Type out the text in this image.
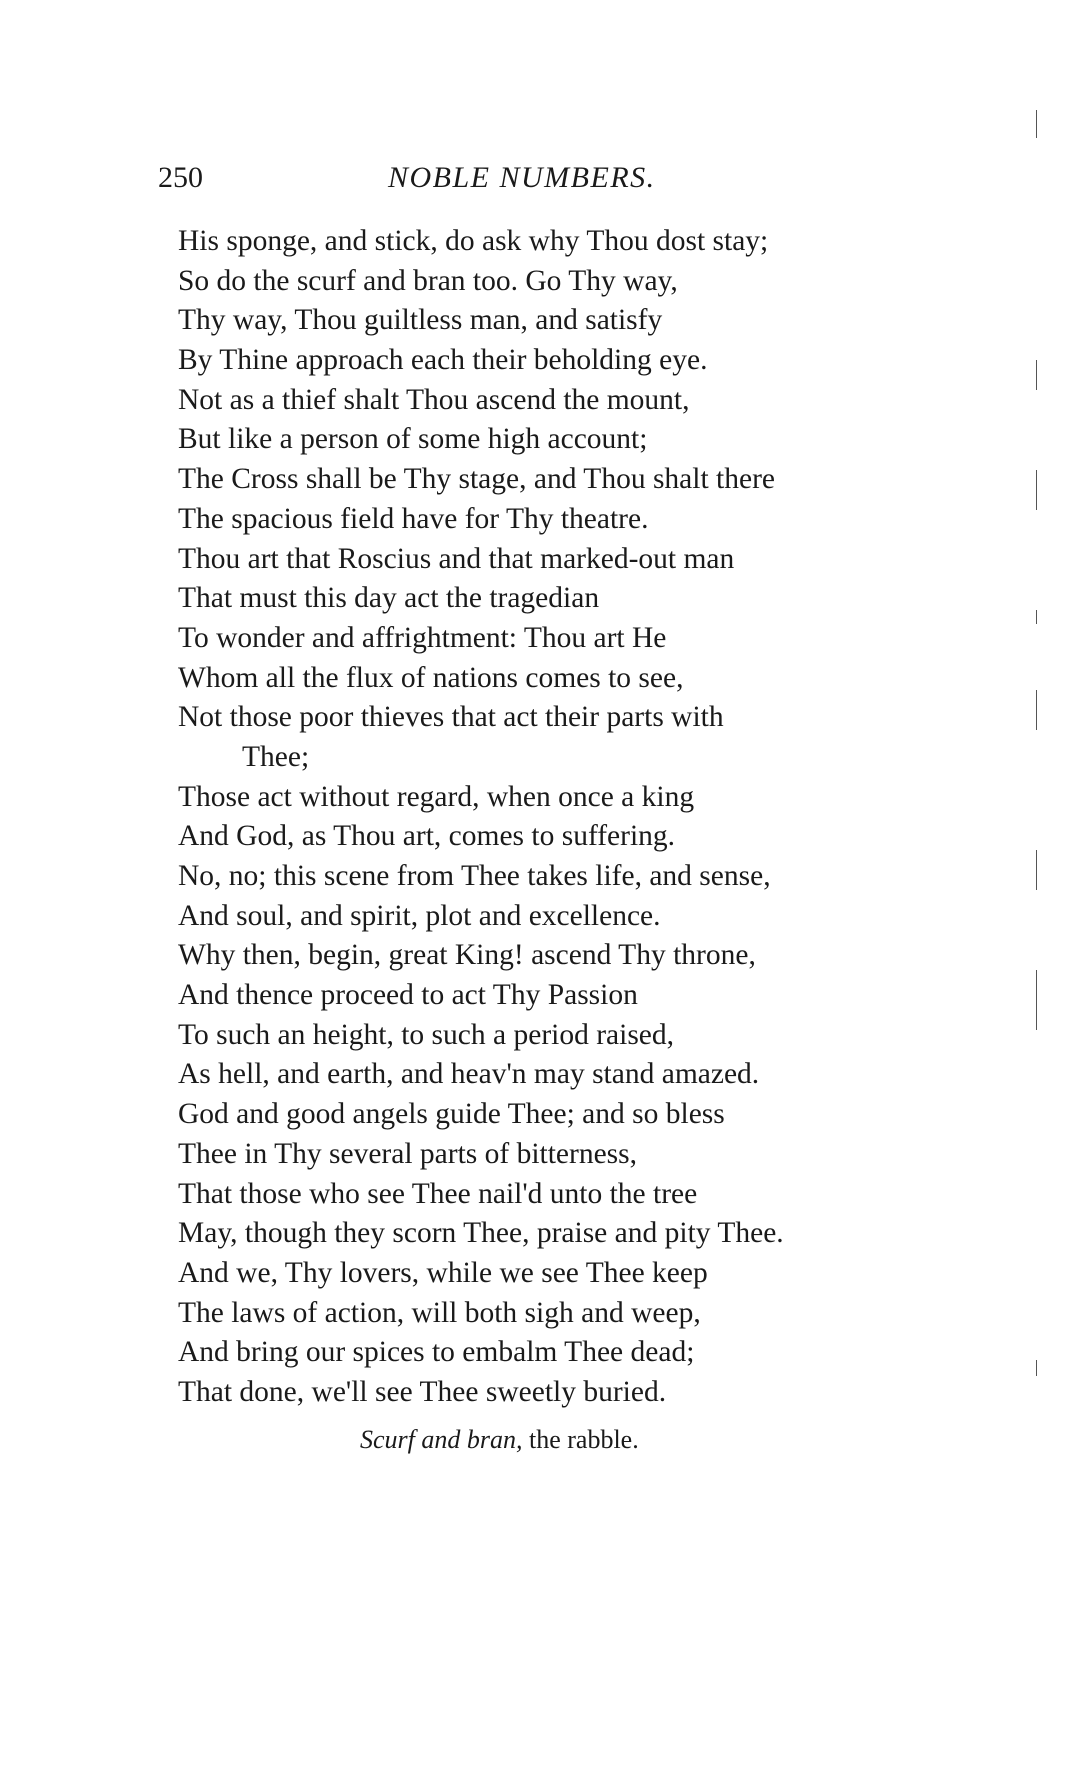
250	NOBLE NUMBERS.
His sponge, and stick, do ask why Thou dost stay;
So do the scurf and bran too. Go Thy way,
Thy way, Thou guiltless man, and satisfy
By Thine approach each their beholding eye.
Not as a thief shalt Thou ascend the mount,
But like a person of some high account;
The Cross shall be Thy stage, and Thou shalt there
The spacious field have for Thy theatre.
Thou art that Roscius and that marked-out man
That must this day act the tragedian
To wonder and affrightment: Thou art He
Whom all the flux of nations comes to see,
Not those poor thieves that act their parts with
Thee;
Those act without regard, when once a king
And God, as Thou art, comes to suffering.
No, no; this scene from Thee takes life, and sense,
And soul, and spirit, plot and excellence.
Why then, begin, great King! ascend Thy throne,
And thence proceed to act Thy Passion
To such an height, to such a period raised,
As hell, and earth, and heav'n may stand amazed.
God and good angels guide Thee; and so bless
Thee in Thy several parts of bitterness,
That those who see Thee nail'd unto the tree
May, though they scorn Thee, praise and pity Thee.
And we, Thy lovers, while we see Thee keep
The laws of action, will both sigh and weep,
And bring our spices to embalm Thee dead;
That done, we'll see Thee sweetly buried.
Scurf and bran, the rabble.
